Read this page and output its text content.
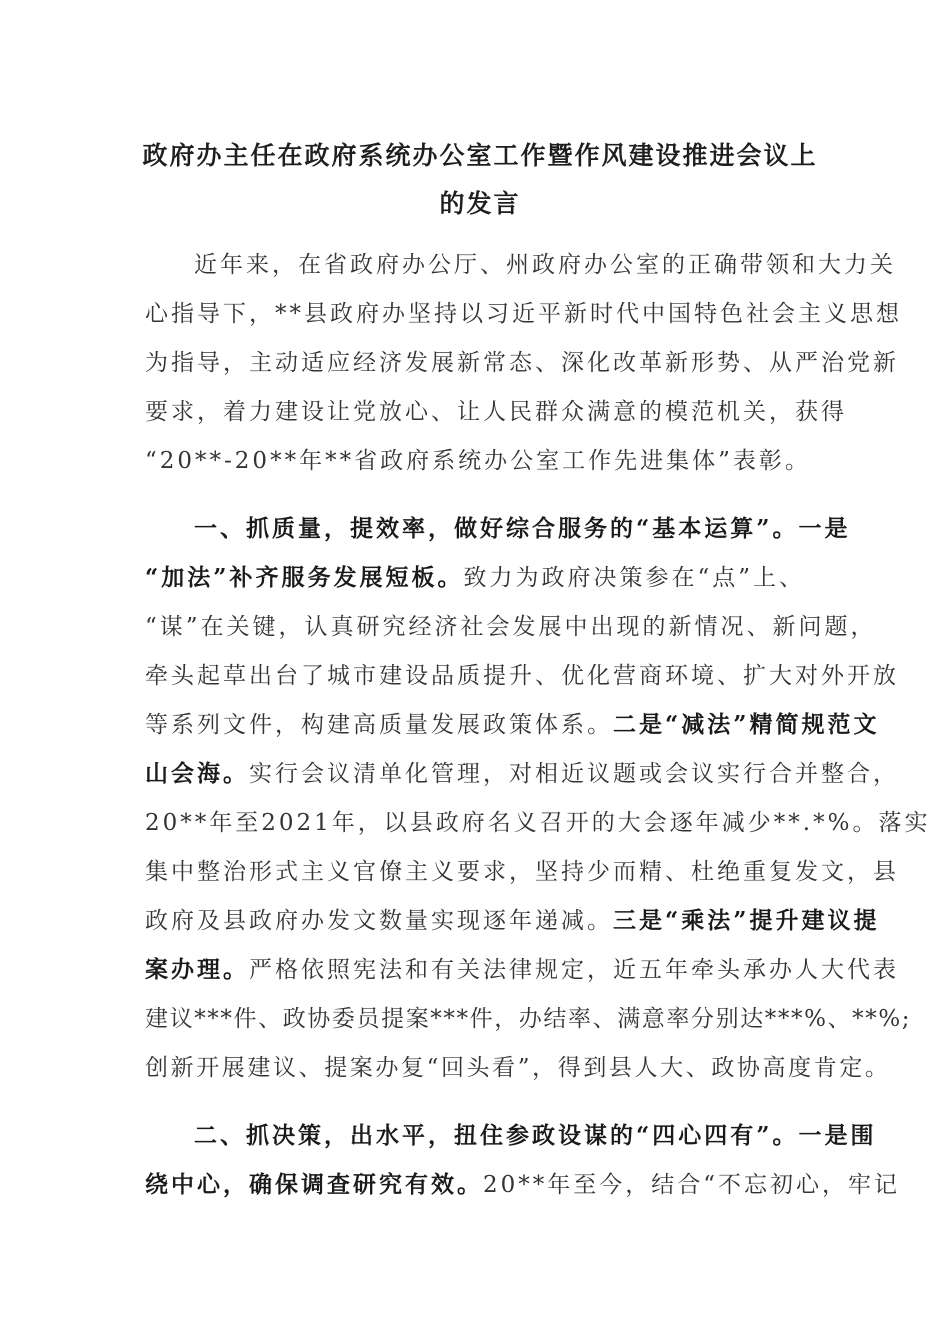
政府办主任在政府系统办公室工作暨作风建设推进会议上
的发言
近年来，在省政府办公厅、州政府办公室的正确带领和大力关
心指导下，**县政府办坚持以习近平新时代中国特色社会主义思想
为指导，主动适应经济发展新常态、深化改革新形势、从严治党新
要求，着力建设让党放心、让人民群众满意的模范机关，获得
“20**-20**年**省政府系统办公室工作先进集体”表彰。
一、抓质量，提效率，做好综合服务的“基本运算”。一是
“加法”补齐服务发展短板。致力为政府决策参在“点”上、
“谋”在关键，认真研究经济社会发展中出现的新情况、新问题，
牵头起草出台了城市建设品质提升、优化营商环境、扩大对外开放
等系列文件，构建高质量发展政策体系。二是“减法”精简规范文
山会海。实行会议清单化管理，对相近议题或会议实行合并整合，
20**年至2021年，以县政府名义召开的大会逐年减少**.*%。落实
集中整治形式主义官僚主义要求，坚持少而精、杜绝重复发文，县
政府及县政府办发文数量实现逐年递减。三是“乘法”提升建议提
案办理。严格依照宪法和有关法律规定，近五年牵头承办人大代表
建议***件、政协委员提案***件，办结率、满意率分别达***%、**%;
创新开展建议、提案办复“回头看”，得到县人大、政协高度肯定。
二、抓决策，出水平，扭住参政设谋的“四心四有”。一是围
绕中心，确保调查研究有效。20**年至今，结合“不忘初心，牢记
